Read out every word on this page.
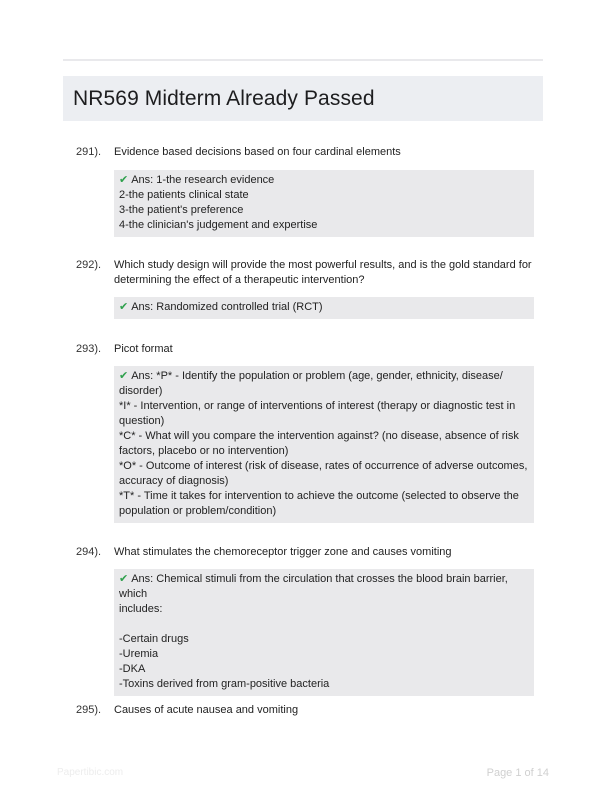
NR569 Midterm Already Passed
291). Evidence based decisions based on four cardinal elements
✔ Ans: 1-the research evidence
2-the patients clinical state
3-the patient's preference
4-the clinician's judgement and expertise
292). Which study design will provide the most powerful results, and is the gold standard for determining the effect of a therapeutic intervention?
✔ Ans: Randomized controlled trial (RCT)
293). Picot format
✔ Ans: *P* - Identify the population or problem (age, gender, ethnicity, disease/
disorder)
*I* - Intervention, or range of interventions of interest (therapy or diagnostic test in
question)
*C* - What will you compare the intervention against? (no disease, absence of risk
factors, placebo or no intervention)
*O* - Outcome of interest (risk of disease, rates of occurrence of adverse outcomes,
accuracy of diagnosis)
*T* - Time it takes for intervention to achieve the outcome (selected to observe the
population or problem/condition)
294). What stimulates the chemoreceptor trigger zone and causes vomiting
✔ Ans: Chemical stimuli from the circulation that crosses the blood brain barrier, which
includes:
-Certain drugs
-Uremia
-DKA
-Toxins derived from gram-positive bacteria
295). Causes of acute nausea and vomiting
Papertibic.com	Page 1 of 14
